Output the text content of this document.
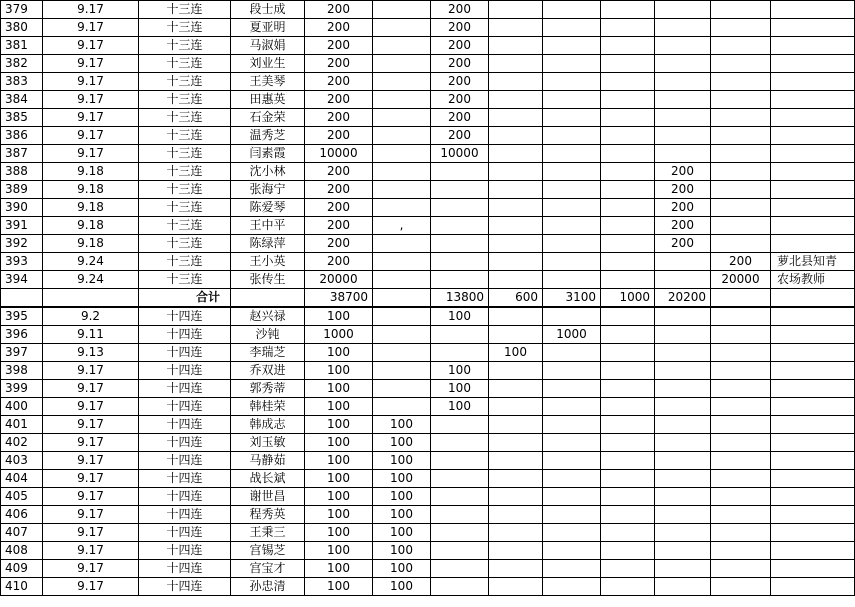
379	9.17	十三连	段士成	200		200						
380	9.17	十三连	夏亚明	200		200						
381	9.17	十三连	马淑娟	200		200						
382	9.17	十三连	刘业生	200		200						
383	9.17	十三连	王美琴	200		200						
384	9.17	十三连	田惠英	200		200						
385	9.17	十三连	石金荣	200		200						
386	9.17	十三连	温秀芝	200		200						
387	9.17	十三连	闫素霞	10000		10000						
388	9.18	十三连	沈小林	200						200		
389	9.18	十三连	张海宁	200						200		
390	9.18	十三连	陈爱琴	200						200		
391	9.18	十三连	王中平	200	,					200		
392	9.18	十三连	陈绿萍	200						200		
393	9.24	十三连	王小英	200							200	萝北县知青
394	9.24	十三连	张传生	20000							20000	农场教师
		合计		38700		13800	600	3100	1000	20200		
395	9.2	十四连	赵兴禄	100		100						
396	9.11	十四连	沙钝	1000				1000				
397	9.13	十四连	李瑞芝	100			100					
398	9.17	十四连	乔双进	100		100						
399	9.17	十四连	郭秀蒂	100		100						
400	9.17	十四连	韩桂荣	100		100						
401	9.17	十四连	韩成志	100	100							
402	9.17	十四连	刘玉敏	100	100							
403	9.17	十四连	马静茹	100	100							
404	9.17	十四连	战长斌	100	100							
405	9.17	十四连	谢世昌	100	100							
406	9.17	十四连	程秀英	100	100							
407	9.17	十四连	王秉三	100	100							
408	9.17	十四连	宫锡芝	100	100							
409	9.17	十四连	宫宝才	100	100							
410	9.17	十四连	孙忠清	100	100							
